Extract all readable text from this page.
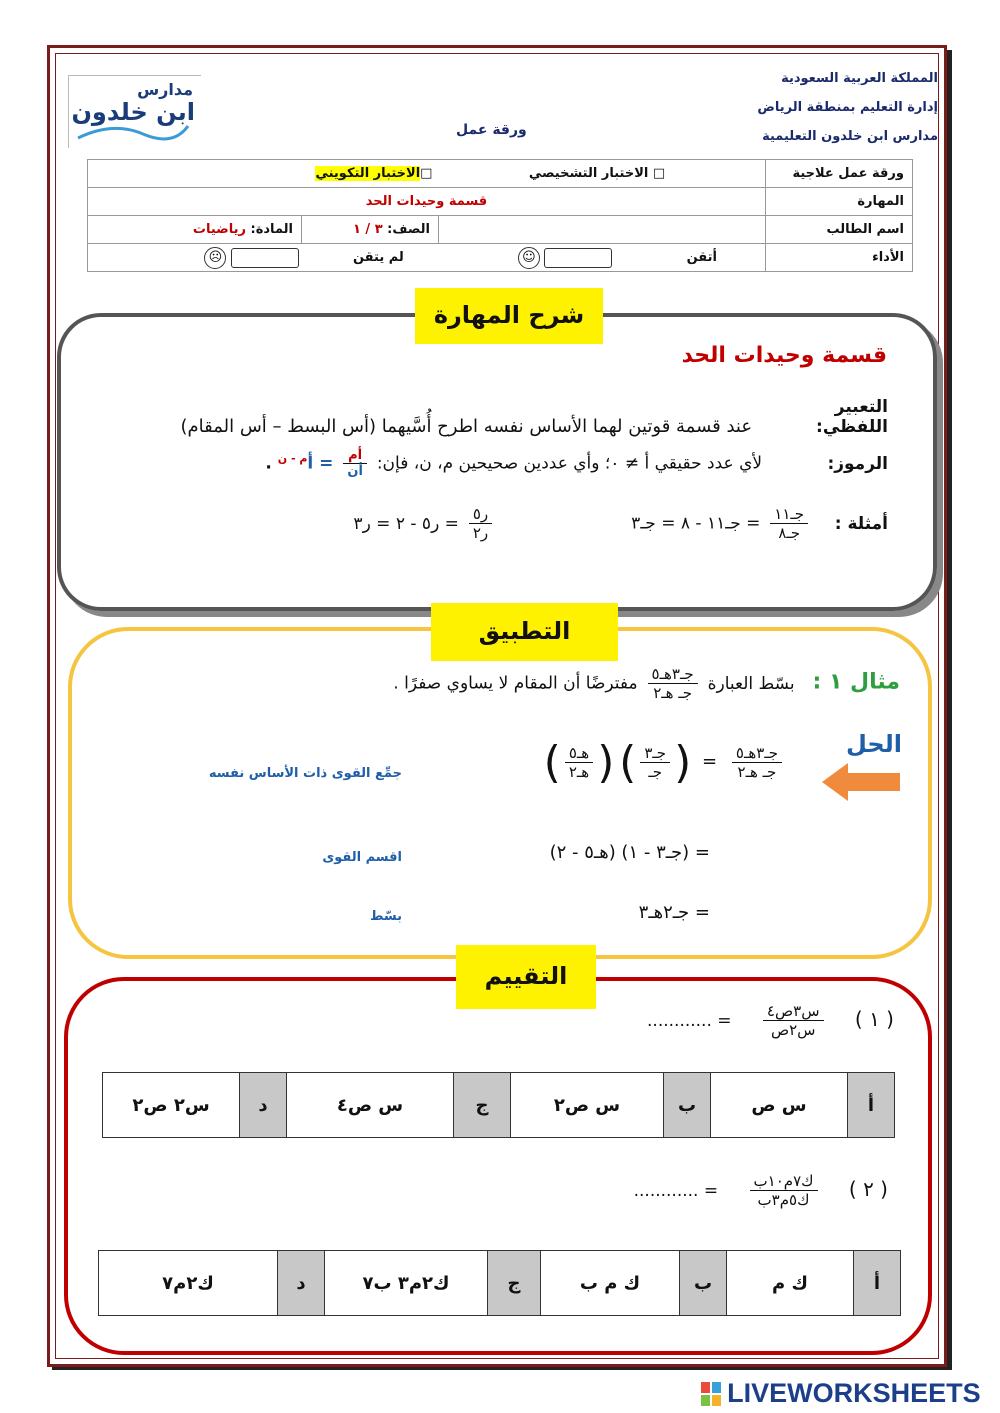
المملكة العربية السعودية
إدارة التعليم بمنطقة الرياض
مدارس ابن خلدون التعليمية
ورقة عمل
مدارس
ابن خلدون
ورقة عمل علاجية	□ الاختبار التشخيصي □الاختبار التكويني		
المهارة	قسمة وحيدات الحد		
اسم الطالب		الصف: ٣ / ١	المادة: رياضيات
الأداء	أتقن  ☺ لم يتقن  ☹		
شرح المهارة
قسمة وحيدات الحد
التعبير اللفظي: عند قسمة قوتين لهما الأساس نفسه اطرح أُسَّيهما (أس البسط – أس المقام)
الرموز: لأي عدد حقيقي أ ≠ ٠؛ وأي عددين صحيحين م، ن، فإن:
$\frac{\text{أم}}{\text{أن}}$
= أ$^{م - ن}$ .
أمثلة :
$\frac{\text{جـ١١}}{\text{جـ٨}}$
= جـ١١ - ٨ = جـ٣
$\frac{\text{ر٥}}{\text{ر٢}}$
= ر٥ - ٢ = ر٣
التطبيق
مثال ١ : بسّط العبارة
$\frac{\text{جـ٣هـ٥}}{\text{جـ هـ٢}}$
مفترضًا أن المقام لا يساوي صفرًا .
الحل
$\frac{\text{جـ٣هـ٥}}{\text{جـ هـ٢}}$
= (
$\frac{\text{جـ٣}}{\text{جـ}}$
) (
$\frac{\text{هـ٥}}{\text{هـ٢}}$
)
جمِّع القوى ذات الأساس نفسه
= (جـ٣ - ١) (هـ٥ - ٢)
اقسم القوى
= جـ٢هـ٣
بسّط
التقييم
( ١ )
$\frac{\text{س٣ص٤}}{\text{س٢ص}}$
= ............
أ	س ص	ب	س ص٢	ج	س ص٤	د	س٢ ص٢
( ٢ )
$\frac{\text{ك٧م١٠ب}}{\text{ك٥م٣ب}}$
= ............
أ	ك م	ب	ك م ب	ج	ك٢م٣ ب٧	د	ك٢م٧
LIVEWORKSHEETS
